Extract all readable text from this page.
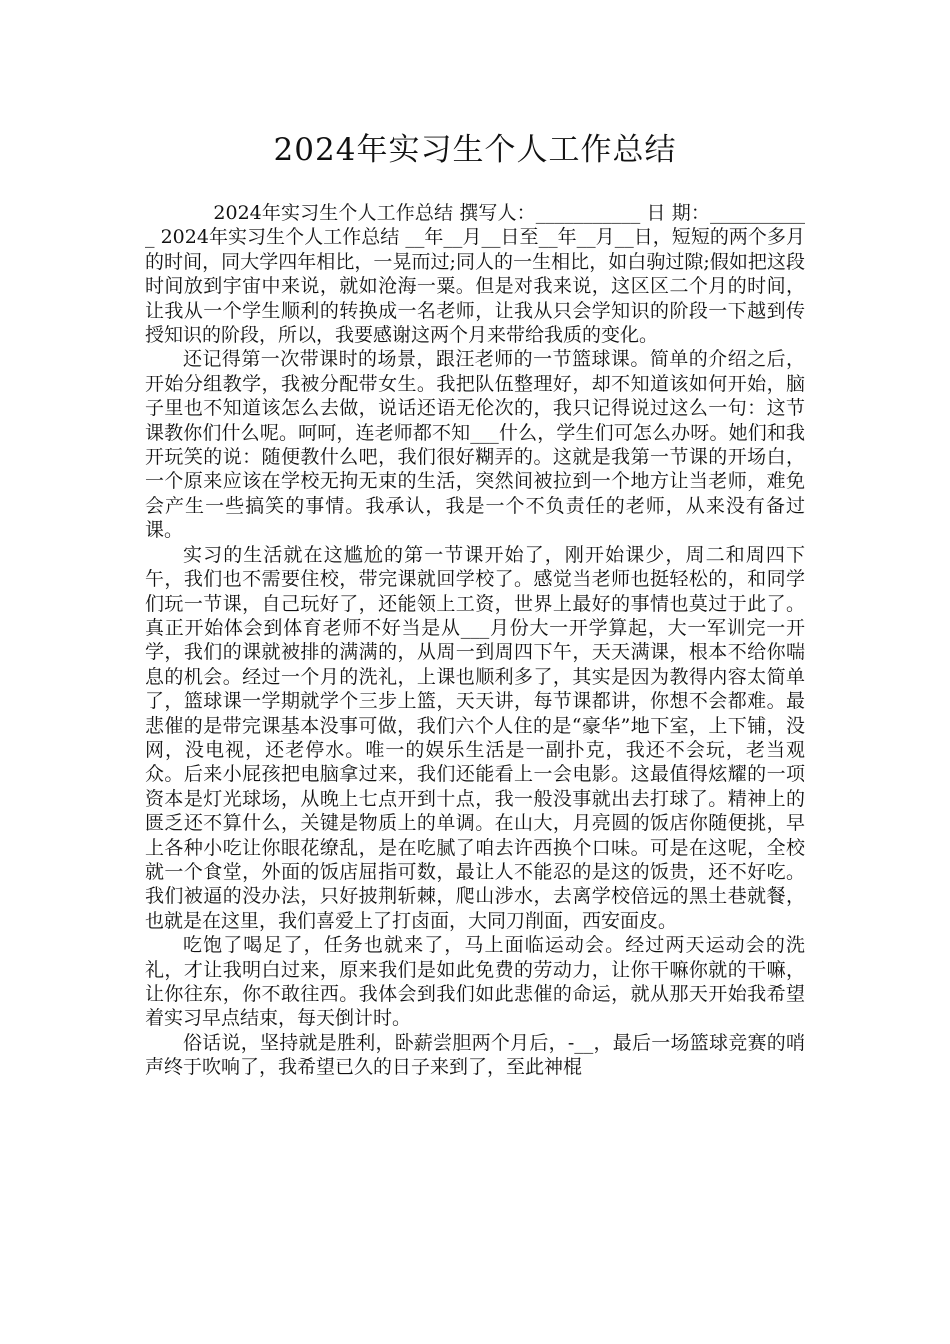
2024年实习生个人工作总结

2024年实习生个人工作总结 撰写人：___________ 日 期：___________ 2024年实习生个人工作总结 __年__月__日至__年__月__日，短短的两个多月的时间，同大学四年相比，一晃而过;同人的一生相比，如白驹过隙;假如把这段时间放到宇宙中来说，就如沧海一粟。但是对我来说，这区区二个月的时间，让我从一个学生顺利的转换成一名老师，让我从只会学知识的阶段一下越到传授知识的阶段，所以，我要感谢这两个月来带给我质的变化。

还记得第一次带课时的场景，跟汪老师的一节篮球课。简单的介绍之后，开始分组教学，我被分配带女生。我把队伍整理好，却不知道该如何开始，脑子里也不知道该怎么去做，说话还语无伦次的，我只记得说过这么一句：这节课教你们什么呢。呵呵，连老师都不知___什么，学生们可怎么办呀。她们和我开玩笑的说：随便教什么吧，我们很好糊弄的。这就是我第一节课的开场白，一个原来应该在学校无拘无束的生活，突然间被拉到一个地方让当老师，难免会产生一些搞笑的事情。我承认，我是一个不负责任的老师，从来没有备过课。

实习的生活就在这尴尬的第一节课开始了，刚开始课少，周二和周四下午，我们也不需要住校，带完课就回学校了。感觉当老师也挺轻松的，和同学们玩一节课，自己玩好了，还能领上工资，世界上最好的事情也莫过于此了。真正开始体会到体育老师不好当是从___月份大一开学算起，大一军训完一开学，我们的课就被排的满满的，从周一到周四下午，天天满课，根本不给你喘息的机会。经过一个月的洗礼，上课也顺利多了，其实是因为教得内容太简单了，篮球课一学期就学个三步上篮，天天讲，每节课都讲，你想不会都难。最悲催的是带完课基本没事可做，我们六个人住的是“豪华”地下室，上下铺，没网，没电视，还老停水。唯一的娱乐生活是一副扑克，我还不会玩，老当观众。后来小屁孩把电脑拿过来，我们还能看上一会电影。这最值得炫耀的一项资本是灯光球场，从晚上七点开到十点，我一般没事就出去打球了。精神上的匮乏还不算什么，关键是物质上的单调。在山大，月亮圆的饭店你随便挑，早上各种小吃让你眼花缭乱，是在吃腻了咱去许西换个口味。可是在这呢，全校就一个食堂，外面的饭店屈指可数，最让人不能忍的是这的饭贵，还不好吃。我们被逼的没办法，只好披荆斩棘，爬山涉水，去离学校倍远的黑土巷就餐，也就是在这里，我们喜爱上了打卤面，大同刀削面，西安面皮。

吃饱了喝足了，任务也就来了，马上面临运动会。经过两天运动会的洗礼，才让我明白过来，原来我们是如此免费的劳动力，让你干嘛你就的干嘛，让你往东，你不敢往西。我体会到我们如此悲催的命运，就从那天开始我希望着实习早点结束，每天倒计时。

俗话说，坚持就是胜利，卧薪尝胆两个月后，-__，最后一场篮球竞赛的哨声终于吹响了，我希望已久的日子来到了，至此神棍
